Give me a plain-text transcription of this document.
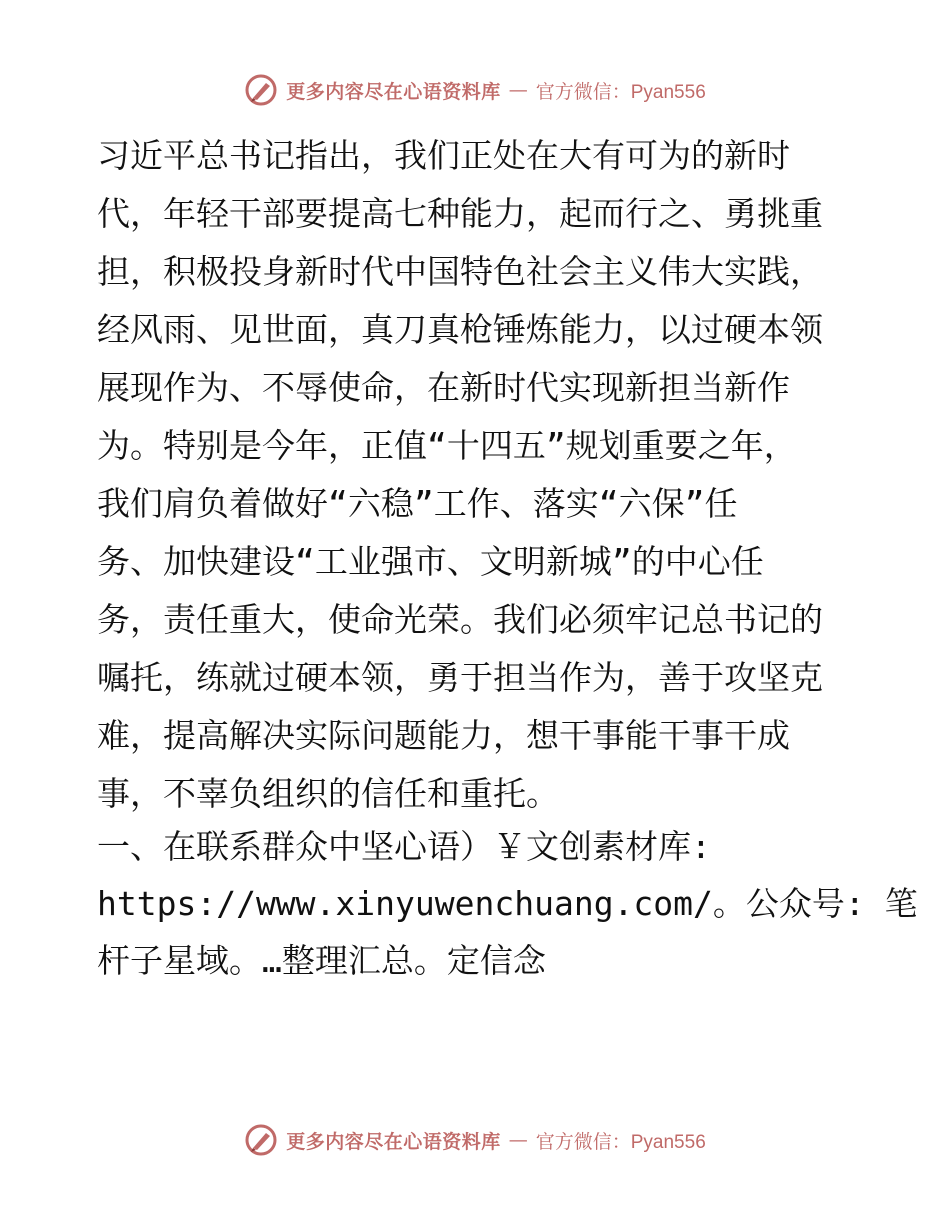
更多内容尽在心语资料库 — 官方微信：Pyan556
习近平总书记指出，我们正处在大有可为的新时
代，年轻干部要提高七种能力，起而行之、勇挑重
担，积极投身新时代中国特色社会主义伟大实践，
经风雨、见世面，真刀真枪锤炼能力，以过硬本领
展现作为、不辱使命，在新时代实现新担当新作
为。特别是今年，正值“十四五”规划重要之年，
我们肩负着做好“六稳”工作、落实“六保”任
务、加快建设“工业强市、文明新城”的中心任
务，责任重大，使命光荣。我们必须牢记总书记的
嘱托，练就过硬本领，勇于担当作为，善于攻坚克
难，提高解决实际问题能力，想干事能干事干成
事，不辜负组织的信任和重托。
一、在联系群众中坚心语）￥文创素材库:
https://www.xinyuwenchuang.com/。公众号: 笔
杆子星域。…整理汇总。定信念
更多内容尽在心语资料库 — 官方微信：Pyan556
